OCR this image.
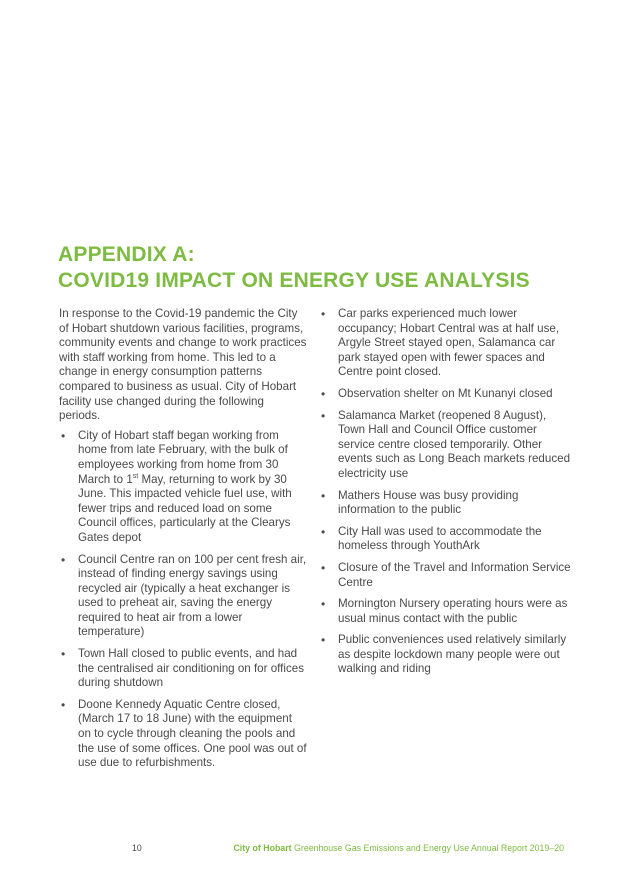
APPENDIX A:
COVID19 IMPACT ON ENERGY USE ANALYSIS

In response to the Covid-19 pandemic the City of Hobart shutdown various facilities, programs, community events and change to work practices with staff working from home. This led to a change in energy consumption patterns compared to business as usual. City of Hobart facility use changed during the following periods.

• City of Hobart staff began working from home from late February, with the bulk of employees working from home from 30 March to 1st May, returning to work by 30 June. This impacted vehicle fuel use, with fewer trips and reduced load on some Council offices, particularly at the Clearys Gates depot
• Council Centre ran on 100 per cent fresh air, instead of finding energy savings using recycled air (typically a heat exchanger is used to preheat air, saving the energy required to heat air from a lower temperature)
• Town Hall closed to public events, and had the centralised air conditioning on for offices during shutdown
• Doone Kennedy Aquatic Centre closed, (March 17 to 18 June) with the equipment on to cycle through cleaning the pools and the use of some offices. One pool was out of use due to refurbishments.
• Car parks experienced much lower occupancy; Hobart Central was at half use, Argyle Street stayed open, Salamanca car park stayed open with fewer spaces and Centre point closed.
• Observation shelter on Mt Kunanyi closed
• Salamanca Market (reopened 8 August), Town Hall and Council Office customer service centre closed temporarily. Other events such as Long Beach markets reduced electricity use
• Mathers House was busy providing information to the public
• City Hall was used to accommodate the homeless through YouthArk
• Closure of the Travel and Information Service Centre
• Mornington Nursery operating hours were as usual minus contact with the public
• Public conveniences used relatively similarly as despite lockdown many people were out walking and riding
10	City of Hobart Greenhouse Gas Emissions and Energy Use Annual Report 2019–20
